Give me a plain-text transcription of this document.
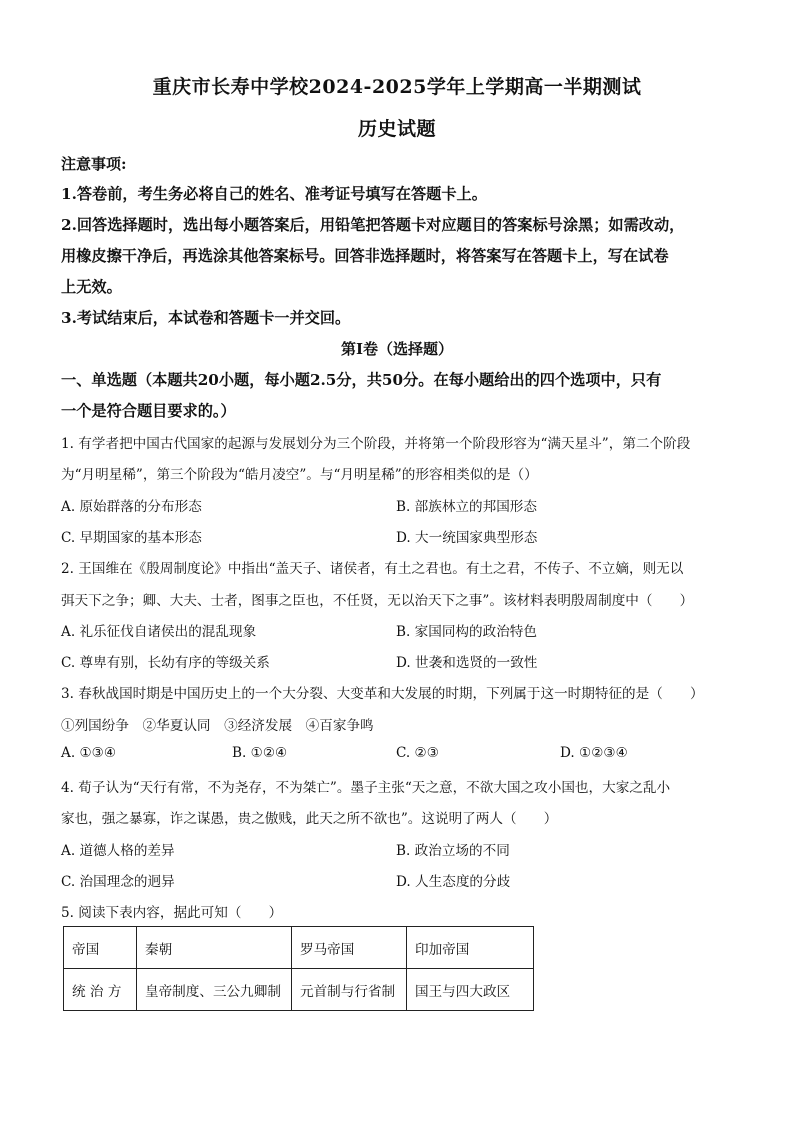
重庆市长寿中学校2024-2025学年上学期高一半期测试
历史试题
注意事项:
1.答卷前，考生务必将自己的姓名、准考证号填写在答题卡上。
2.回答选择题时，选出每小题答案后，用铅笔把答题卡对应题目的答案标号涂黑；如需改动，
用橡皮擦干净后，再选涂其他答案标号。回答非选择题时，将答案写在答题卡上，写在试卷
上无效。
3.考试结束后，本试卷和答题卡一并交回。
第I卷（选择题）
一、单选题（本题共20小题，每小题2.5分，共50分。在每小题给出的四个选项中，只有
一个是符合题目要求的。）
1. 有学者把中国古代国家的起源与发展划分为三个阶段，并将第一个阶段形容为“满天星斗”，第二个阶段
为“月明星稀”，第三个阶段为“皓月凌空”。与“月明星稀”的形容相类似的是（）
A. 原始群落的分布形态	B. 部族林立的邦国形态
C. 早期国家的基本形态	D. 大一统国家典型形态
2. 王国维在《殷周制度论》中指出“盖天子、诸侯者，有土之君也。有土之君，不传子、不立嫡，则无以
弭天下之争；卿、大夫、士者，图事之臣也，不任贤，无以治天下之事”。该材料表明殷周制度中（　　）
A. 礼乐征伐自诸侯出的混乱现象	B. 家国同构的政治特色
C. 尊卑有别，长幼有序的等级关系	D. 世袭和选贤的一致性
3. 春秋战国时期是中国历史上的一个大分裂、大变革和大发展的时期，下列属于这一时期特征的是（　　）
①列国纷争　②华夏认同　③经济发展　④百家争鸣
A. ①③④	B. ①②④	C. ②③	D. ①②③④
4. 荀子认为“天行有常，不为尧存，不为桀亡”。墨子主张“天之意，不欲大国之攻小国也，大家之乱小
家也，强之暴寡，诈之谋愚，贵之傲贱，此天之所不欲也”。这说明了两人（　　）
A. 道德人格的差异	B. 政治立场的不同
C. 治国理念的迥异	D. 人生态度的分歧
5. 阅读下表内容，据此可知（　　）
帝国	秦朝	罗马帝国	印加帝国
统 治 方	皇帝制度、三公九卿制	元首制与行省制	国王与四大政区
